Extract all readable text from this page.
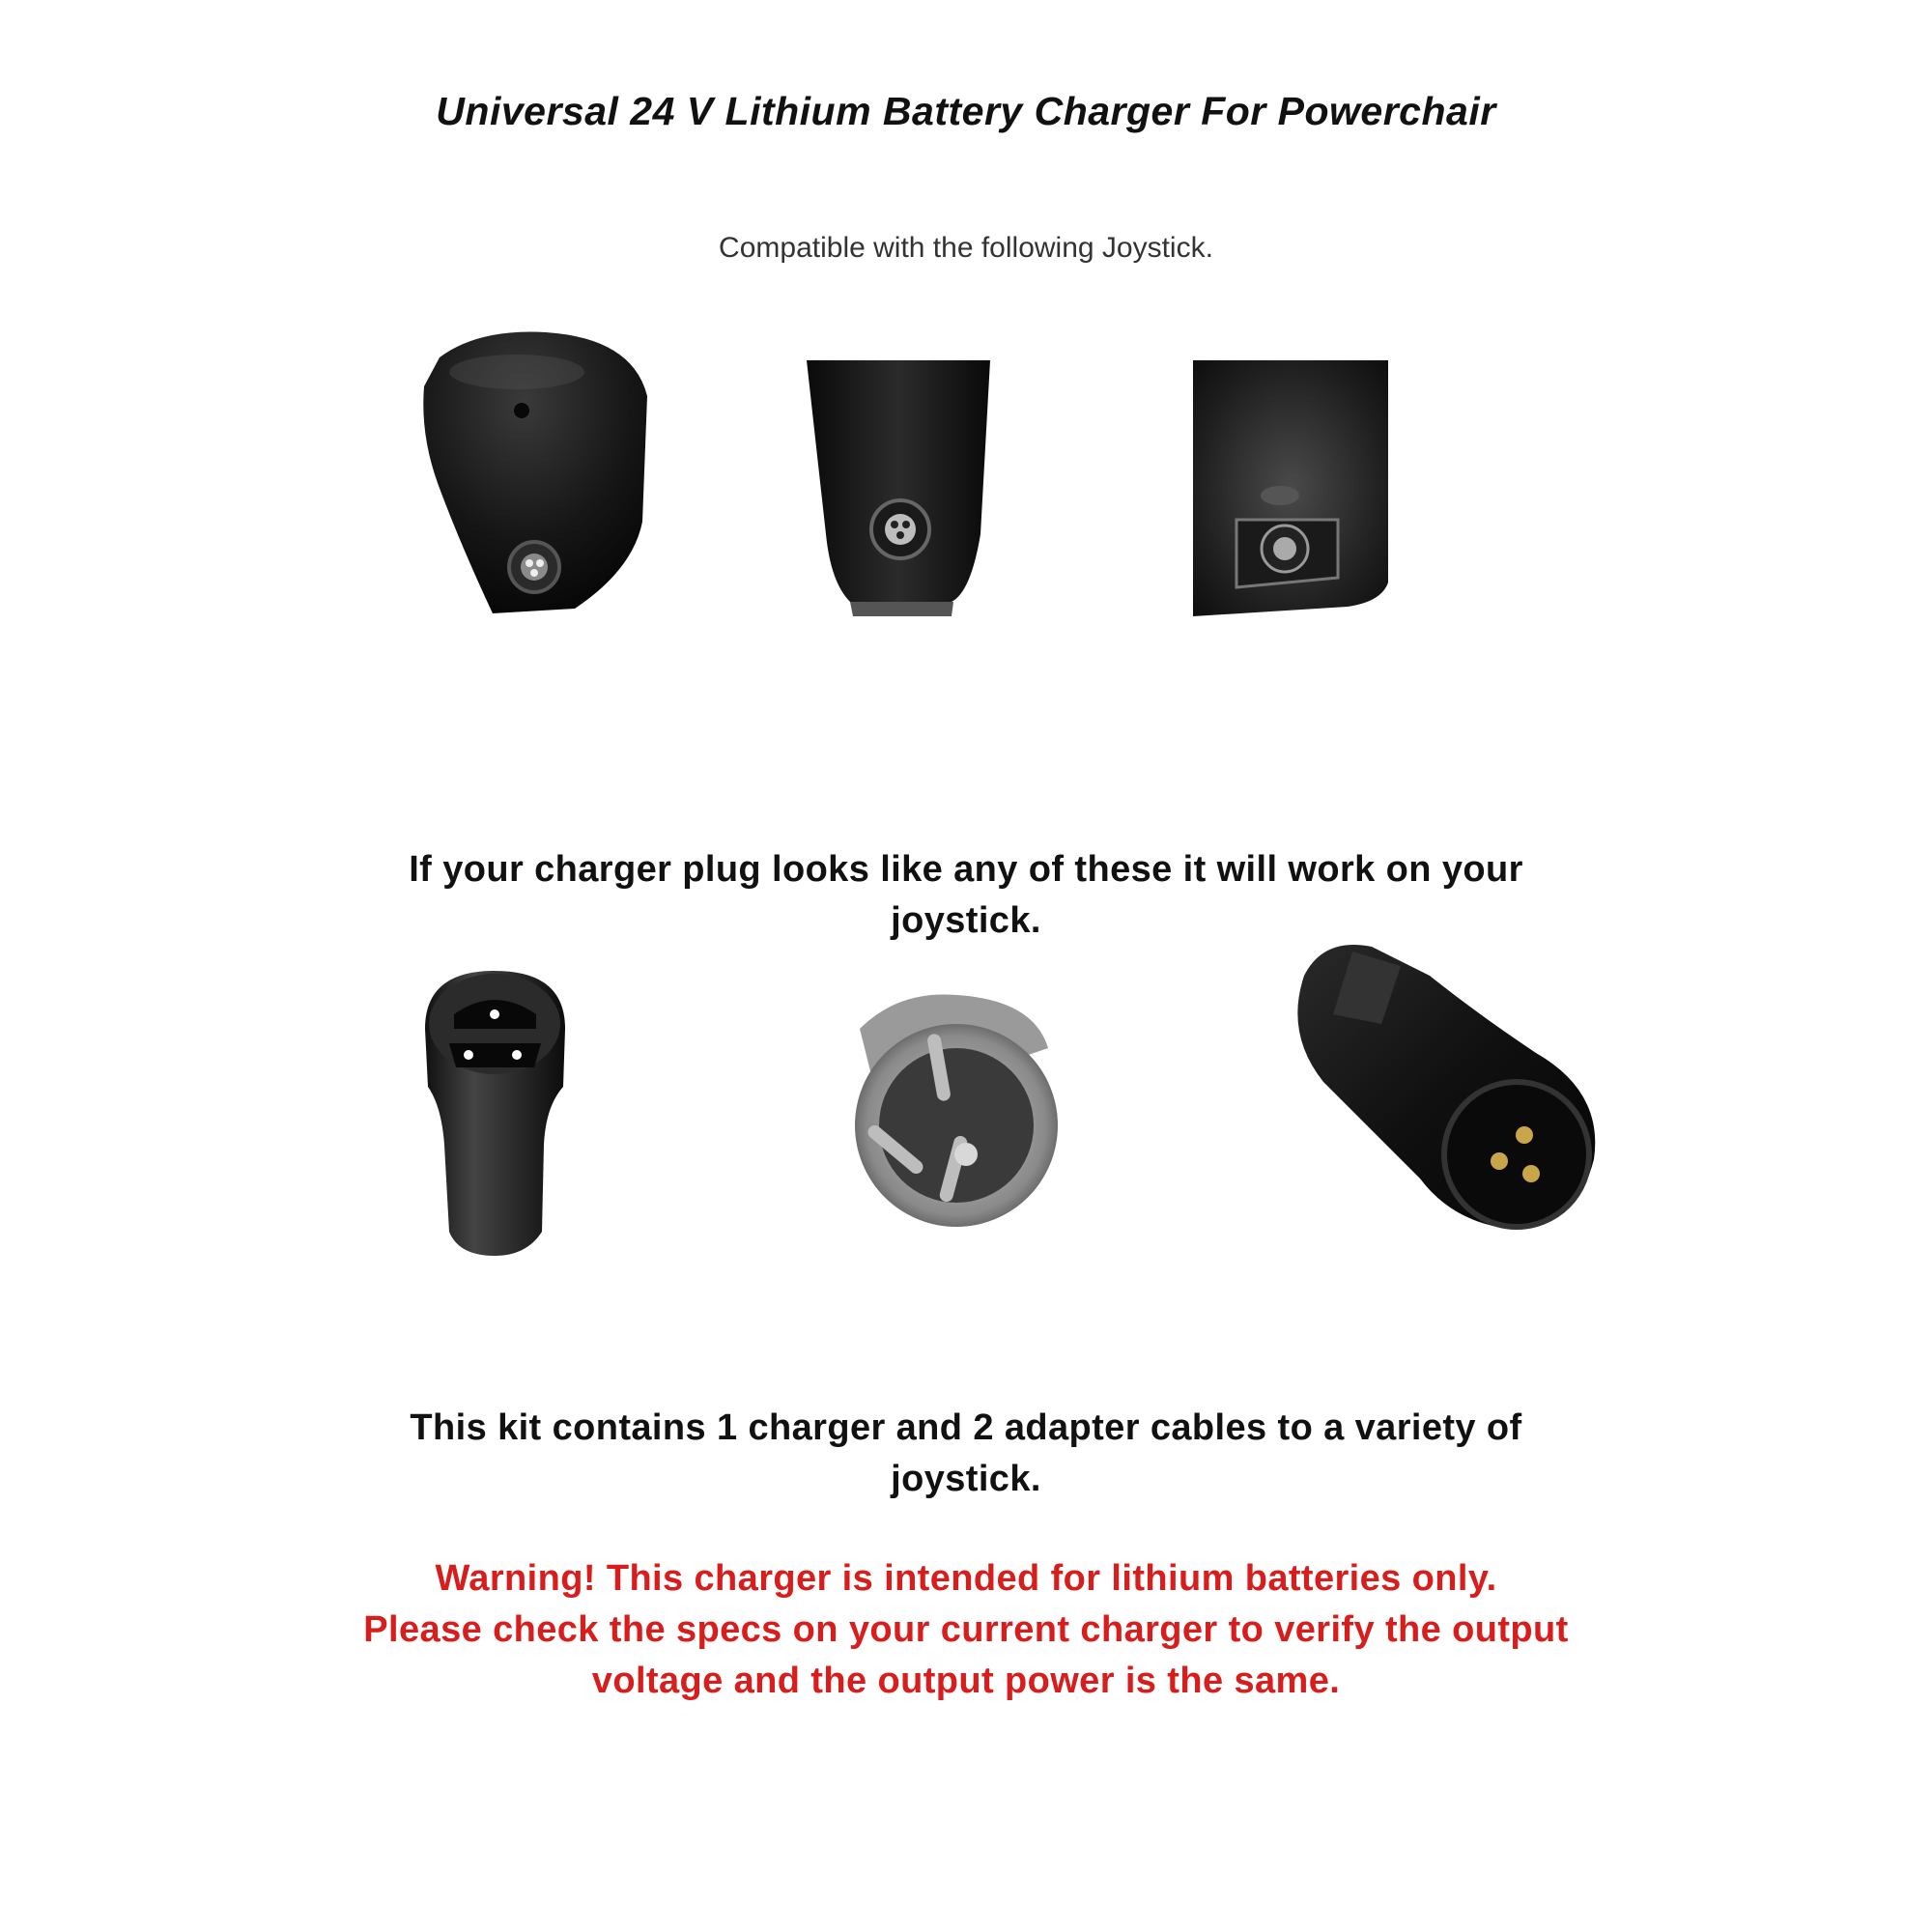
Universal 24 V Lithium Battery Charger For Powerchair
Compatible with the following Joystick.
If your charger plug looks like any of these it will work on your
joystick.
This kit contains 1 charger and 2 adapter cables to a variety of
joystick.
Warning! This charger is intended for lithium batteries only.
Please check the specs on your current charger to verify the output
voltage and the output power is the same.
